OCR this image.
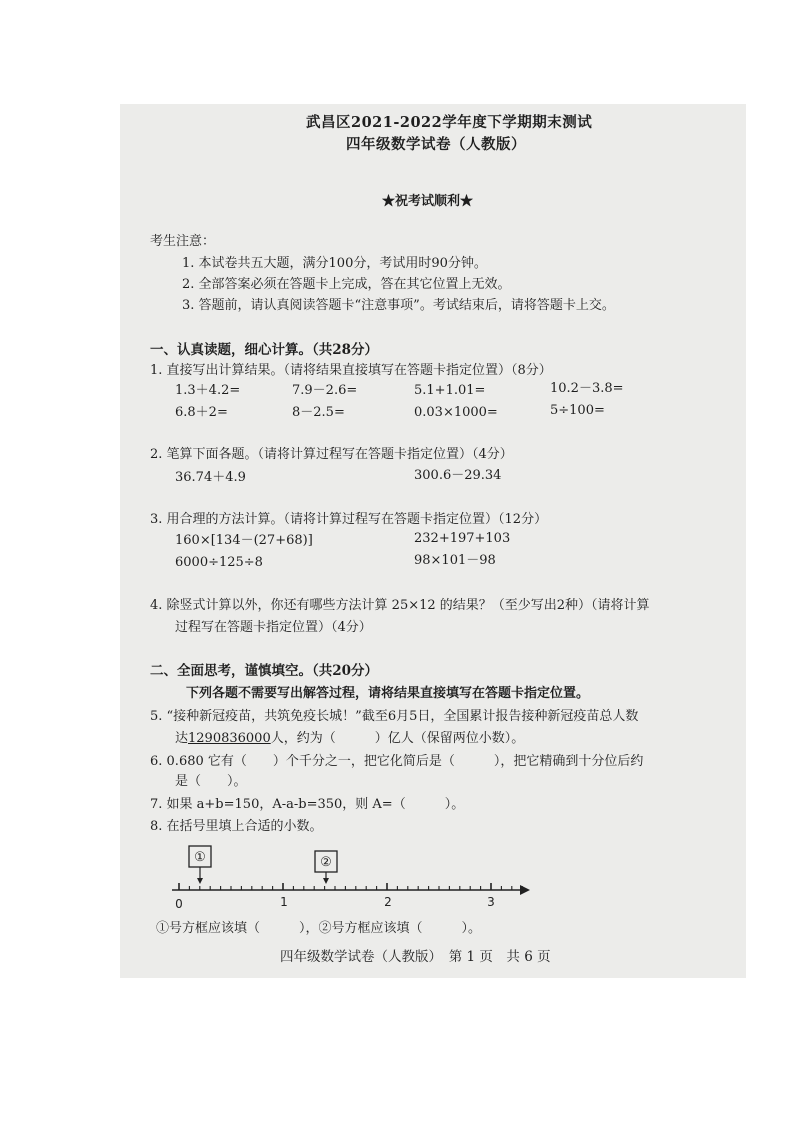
武昌区2021-2022学年度下学期期末测试
四年级数学试卷（人教版）
★祝考试顺利★
考生注意：
1. 本试卷共五大题，满分100分，考试用时90分钟。
2. 全部答案必须在答题卡上完成，答在其它位置上无效。
3. 答题前，请认真阅读答题卡“注意事项”。考试结束后，请将答题卡上交。
一、认真读题，细心计算。（共28分）
1. 直接写出计算结果。（请将结果直接填写在答题卡指定位置）（8分）
1.3＋4.2=	7.9－2.6=	5.1+1.01=	10.2－3.8=
6.8＋2=	8－2.5=	0.03×1000=	5÷100=
2. 笔算下面各题。（请将计算过程写在答题卡指定位置）（4分）
36.74＋4.9	300.6－29.34
3. 用合理的方法计算。（请将计算过程写在答题卡指定位置）（12分）
160×[134－(27+68)]	232+197+103
6000÷125÷8	98×101－98
4. 除竖式计算以外，你还有哪些方法计算 25×12 的结果？（至少写出2种）（请将计算
过程写在答题卡指定位置）（4分）
二、全面思考，谨慎填空。（共20分）
下列各题不需要写出解答过程，请将结果直接填写在答题卡指定位置。
5. “接种新冠疫苗，共筑免疫长城！”截至6月5日，全国累计报告接种新冠疫苗总人数
达1290836000人，约为（　　　）亿人（保留两位小数）。
6. 0.680 它有（　　）个千分之一，把它化简后是（　　　），把它精确到十分位后约
是（　　）。
7. 如果 a+b=150，A-a-b=350，则 A=（　　　）。
8. 在括号里填上合适的小数。
①	②
0	1	2	3
①号方框应该填（　　　），②号方框应该填（　　　）。
四年级数学试卷（人教版）　第 1 页　共 6 页
